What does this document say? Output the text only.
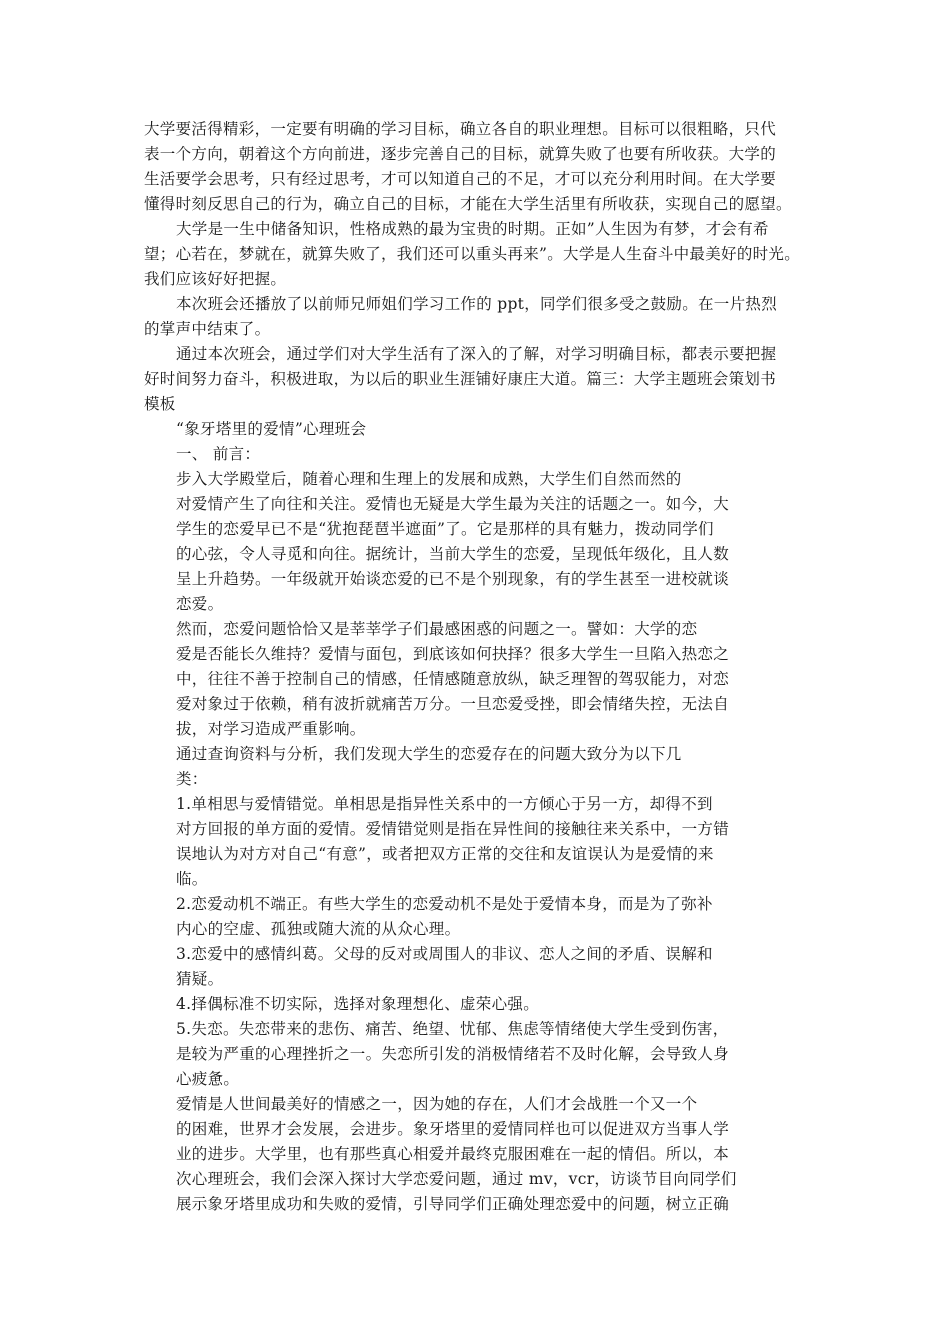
大学要活得精彩，一定要有明确的学习目标，确立各自的职业理想。目标可以很粗略，只代
表一个方向，朝着这个方向前进，逐步完善自己的目标，就算失败了也要有所收获。大学的
生活要学会思考，只有经过思考，才可以知道自己的不足，才可以充分利用时间。在大学要
懂得时刻反思自己的行为，确立自己的目标，才能在大学生活里有所收获，实现自己的愿望。
大学是一生中储备知识，性格成熟的最为宝贵的时期。正如”人生因为有梦，才会有希
望；心若在，梦就在，就算失败了，我们还可以重头再来”。大学是人生奋斗中最美好的时光。
我们应该好好把握。
本次班会还播放了以前师兄师姐们学习工作的 ppt，同学们很多受之鼓励。在一片热烈
的掌声中结束了。
通过本次班会，通过学们对大学生活有了深入的了解，对学习明确目标，都表示要把握
好时间努力奋斗，积极进取，为以后的职业生涯铺好康庄大道。篇三：大学主题班会策划书
模板
“象牙塔里的爱情”心理班会
一、 前言：
步入大学殿堂后，随着心理和生理上的发展和成熟，大学生们自然而然的
对爱情产生了向往和关注。爱情也无疑是大学生最为关注的话题之一。如今，大
学生的恋爱早已不是“犹抱琵琶半遮面”了。它是那样的具有魅力，拨动同学们
的心弦，令人寻觅和向往。据统计，当前大学生的恋爱，呈现低年级化，且人数
呈上升趋势。一年级就开始谈恋爱的已不是个别现象，有的学生甚至一进校就谈
恋爱。
然而，恋爱问题恰恰又是莘莘学子们最感困惑的问题之一。譬如：大学的恋
爱是否能长久维持？爱情与面包，到底该如何抉择？很多大学生一旦陷入热恋之
中，往往不善于控制自己的情感，任情感随意放纵，缺乏理智的驾驭能力，对恋
爱对象过于依赖，稍有波折就痛苦万分。一旦恋爱受挫，即会情绪失控，无法自
拔，对学习造成严重影响。
通过查询资料与分析，我们发现大学生的恋爱存在的问题大致分为以下几
类：
1.单相思与爱情错觉。单相思是指异性关系中的一方倾心于另一方，却得不到
对方回报的单方面的爱情。爱情错觉则是指在异性间的接触往来关系中，一方错
误地认为对方对自己“有意”，或者把双方正常的交往和友谊误认为是爱情的来
临。
2.恋爱动机不端正。有些大学生的恋爱动机不是处于爱情本身，而是为了弥补
内心的空虚、孤独或随大流的从众心理。
3.恋爱中的感情纠葛。父母的反对或周围人的非议、恋人之间的矛盾、误解和
猜疑。
4.择偶标准不切实际，选择对象理想化、虚荣心强。
5.失恋。失恋带来的悲伤、痛苦、绝望、忧郁、焦虑等情绪使大学生受到伤害，
是较为严重的心理挫折之一。失恋所引发的消极情绪若不及时化解，会导致人身
心疲惫。
爱情是人世间最美好的情感之一，因为她的存在，人们才会战胜一个又一个
的困难，世界才会发展，会进步。象牙塔里的爱情同样也可以促进双方当事人学
业的进步。大学里，也有那些真心相爱并最终克服困难在一起的情侣。所以，本
次心理班会，我们会深入探讨大学恋爱问题，通过 mv，vcr，访谈节目向同学们
展示象牙塔里成功和失败的爱情，引导同学们正确处理恋爱中的问题，树立正确
